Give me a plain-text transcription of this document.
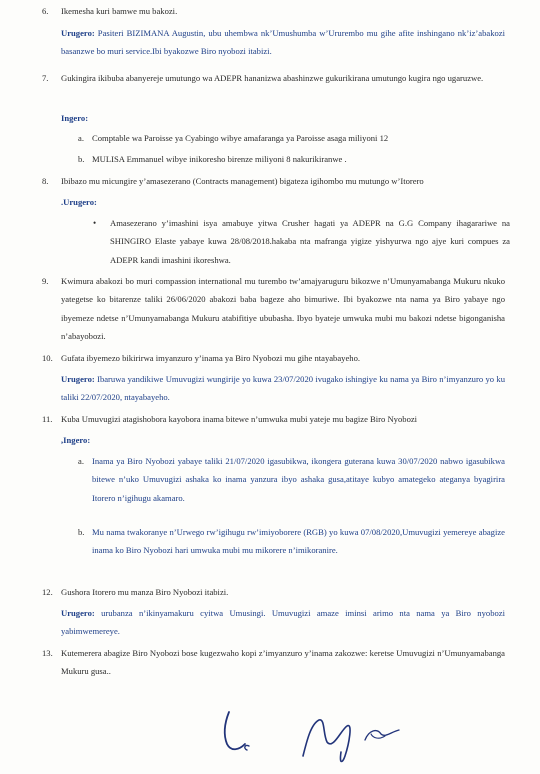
6. Ikemesha kuri bamwe mu bakozi.
Urugero: Pasiteri BIZIMANA Augustin, ubu uhembwa nk’Umushumba w’Ururembo mu gihe afite inshingano nk’iz’abakozi basanzwe bo muri service.Ibi byakozwe Biro nyobozi itabizi.
7. Gukingira ikibuba abanyereje umutungo wa ADEPR hananizwa abashinzwe gukurikirana umutungo kugira ngo ugaruzwe.
Ingero:
a. Comptable wa Paroisse ya Cyabingo wibye amafaranga ya Paroisse asaga miliyoni 12
b. MULISA Emmanuel wibye inikoresho birenze miliyoni 8 nakurikiranwe .
8. Ibibazo mu micungire y’amasezerano (Contracts management) bigateza igihombo mu mutungo w’Itorero
.Urugero:
• Amasezerano y’imashini isya amabuye yitwa Crusher hagati ya ADEPR na G.G Company ihagarariwe na SHINGIRO Elaste yabaye kuwa 28/08/2018.hakaba nta mafranga yigize yishyurwa ngo ajye kuri compues za ADEPR kandi imashini ikoreshwa.
9. Kwimura abakozi bo muri compassion international mu turembo tw’amajyaruguru bikozwe n’Umunyamabanga Mukuru nkuko yategetse ko bitarenze taliki 26/06/2020 abakozi baba bageze aho bimuriwe. Ibi byakozwe nta nama ya Biro yabaye ngo ibyemeze ndetse n’Umunyamabanga Mukuru atabifitiye ububasha. Ibyo byateje umwuka mubi mu bakozi ndetse bigonganisha n’abayobozi.
10. Gufata ibyemezo bikirirwa imyanzuro y’inama ya Biro Nyobozi mu gihe ntayabayeho.
Urugero: Ibaruwa yandikiwe Umuvugizi wungirije yo kuwa 23/07/2020 ivugako ishingiye ku nama ya Biro n’imyanzuro yo ku taliki 22/07/2020, ntayabayeho.
11. Kuba Umuvugizi atagishobora kayobora inama bitewe n’umwuka mubi yateje mu bagize Biro Nyobozi
,Ingero:
a. Inama ya Biro Nyobozi yabaye taliki 21/07/2020 igasubikwa, ikongera guterana kuwa 30/07/2020 nabwo igasubikwa bitewe n’uko Umuvugizi ashaka ko inama yanzura ibyo ashaka gusa,atitaye kubyo amategeko ateganya byagirira Itorero n’igihugu akamaro.
b. Mu nama twakoranye n’Urwego rw’igihugu rw’imiyoborere (RGB) yo kuwa 07/08/2020,Umuvugizi yemereye abagize inama ko Biro Nyobozi hari umwuka mubi mu mikorere n’imikoranire.
12. Gushora Itorero mu manza Biro Nyobozi itabizi.
Urugero: urubanza n’ikinyamakuru cyitwa Umusingi. Umuvugizi amaze iminsi arimo nta nama ya Biro nyobozi yabimwemereye.
13. Kutemerera abagize Biro Nyobozi bose kugezwaho kopi z’imyanzuro y’inama zakozwe: keretse Umuvugizi n’Umunyamabanga Mukuru gusa..
